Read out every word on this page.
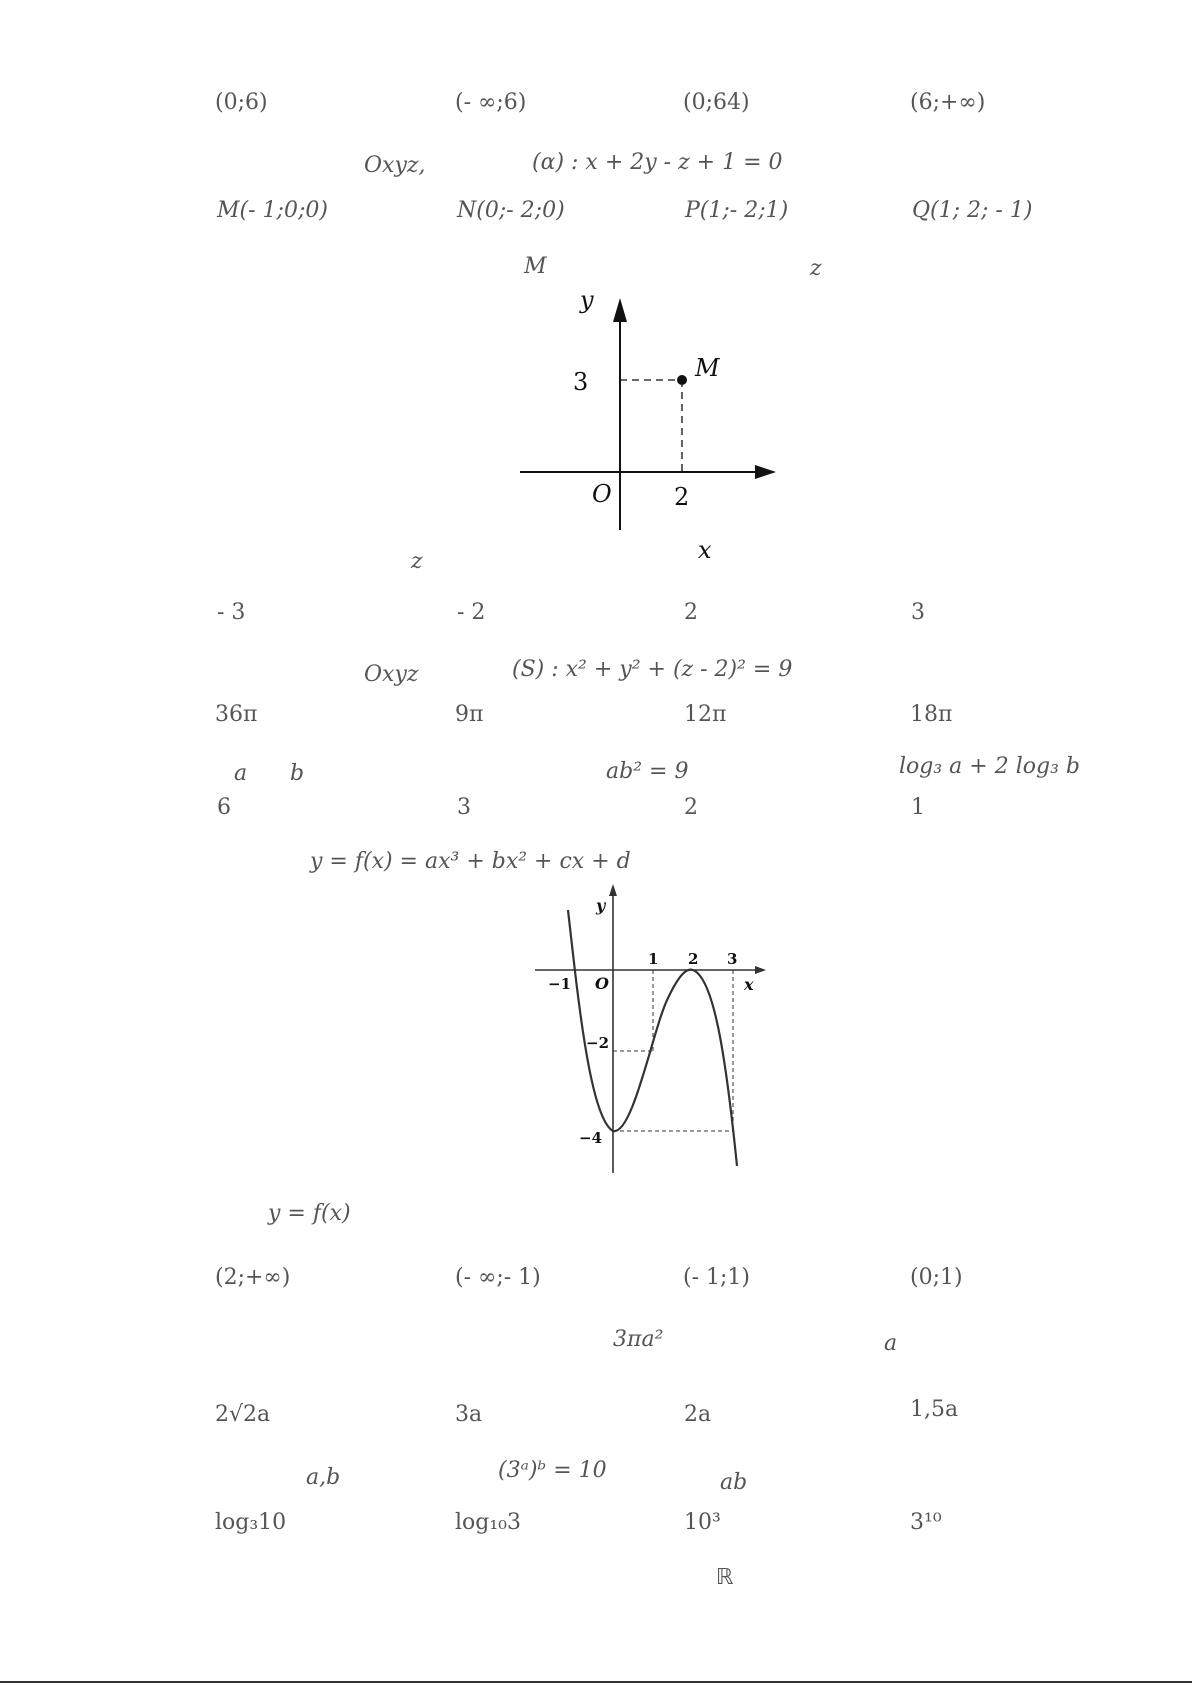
(0;6)	(- ∞;6)	(0;64)	(6;+∞)
Oxyz,	(α) : x + 2y - z + 1 = 0
M(- 1;0;0)	N(0;- 2;0)	P(1;- 2;1)	Q(1; 2; - 1)
M	z
y
x
O
M
3
2
z
- 3	- 2	2	3
Oxyz	(S) : x² + y² + (z - 2)² = 9
36π	9π	12π	18π
a b	ab² = 9	log₃ a + 2 log₃ b
6	3	2	1
y = f(x) = ax³ + bx² + cx + d
y
x
O
−1
1 2 3
−2
−4
y = f(x)
(2;+∞)	(- ∞;- 1)	(- 1;1)	(0;1)
3πa²	a
2√2a	3a	2a	1,5a
a,b	(3ᵃ)ᵇ = 10	ab
log₃10	log₁₀3	10³	3¹⁰
ℝ
